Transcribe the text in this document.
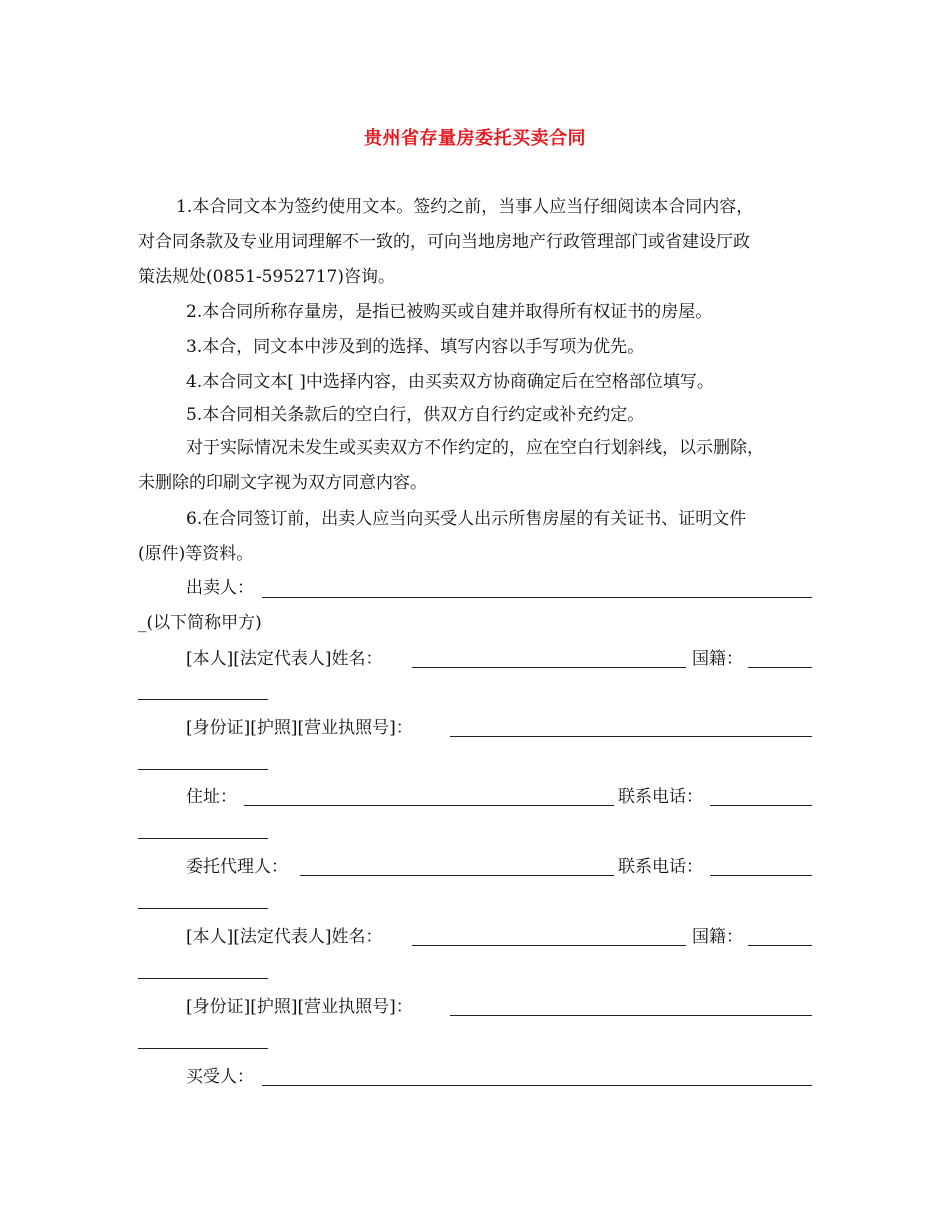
贵州省存量房委托买卖合同
1.本合同文本为签约使用文本。签约之前，当事人应当仔细阅读本合同内容，
对合同条款及专业用词理解不一致的，可向当地房地产行政管理部门或省建设厅政
策法规处(0851-5952717)咨询。
2.本合同所称存量房，是指已被购买或自建并取得所有权证书的房屋。
3.本合，同文本中涉及到的选择、填写内容以手写项为优先。
4.本合同文本[ ]中选择内容，由买卖双方协商确定后在空格部位填写。
5.本合同相关条款后的空白行，供双方自行约定或补充约定。
对于实际情况未发生或买卖双方不作约定的，应在空白行划斜线，以示删除，
未删除的印刷文字视为双方同意内容。
6.在合同签订前，出卖人应当向买受人出示所售房屋的有关证书、证明文件
(原件)等资料。
出卖人：
_(以下简称甲方)
[本人][法定代表人]姓名：	国籍：
[身份证][护照][营业执照号]：
住址：	联系电话：
委托代理人：	联系电话：
[本人][法定代表人]姓名：	国籍：
[身份证][护照][营业执照号]：
买受人：
